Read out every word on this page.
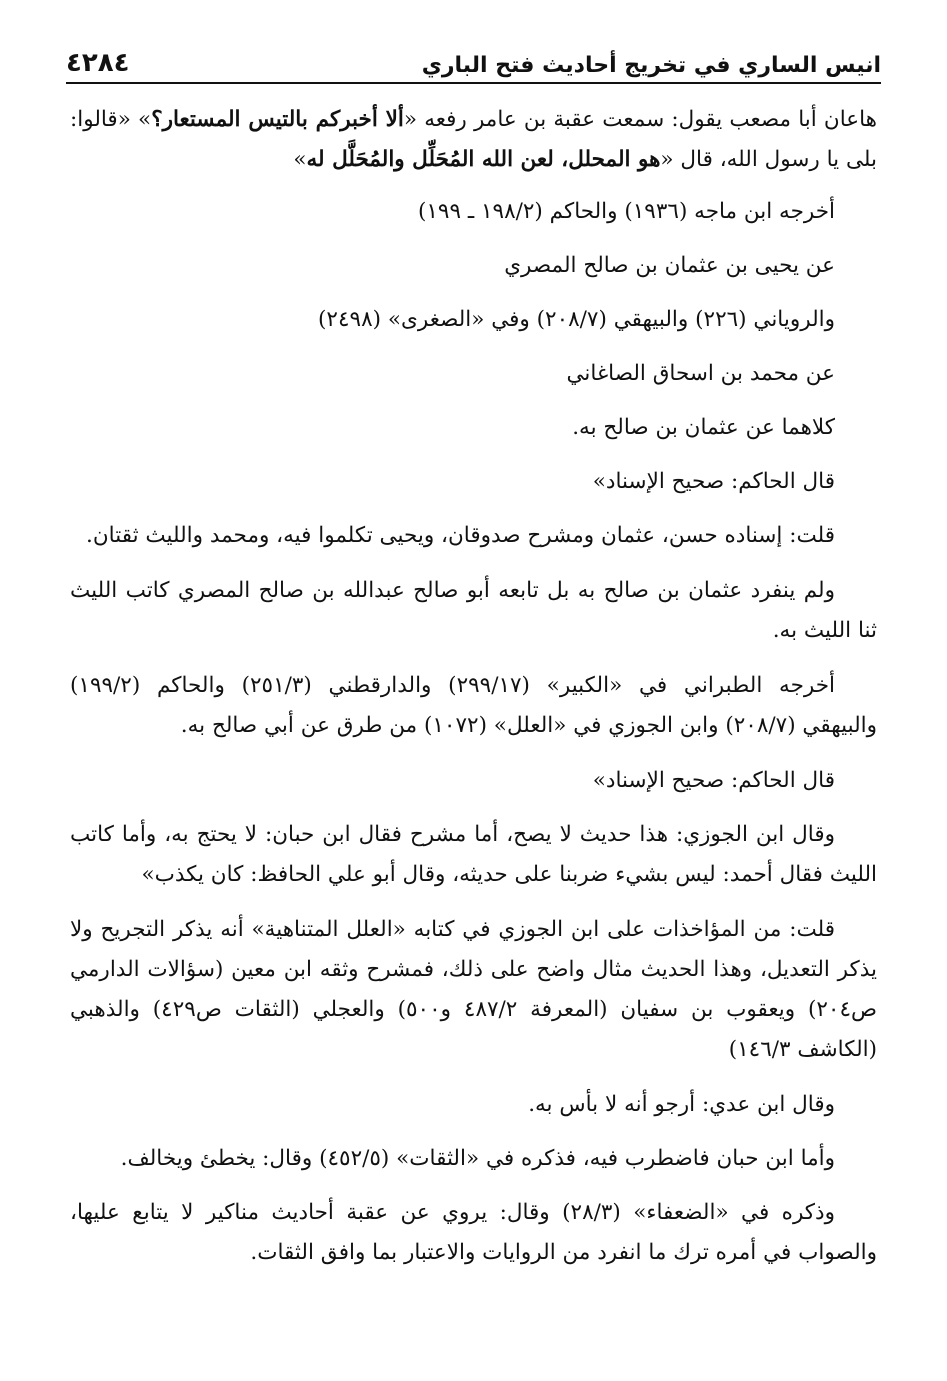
انيس الساري في تخريج أحاديث فتح الباري
٤٢٨٤

هاعان أبا مصعب يقول: سمعت عقبة بن عامر رفعه «ألا أخبركم بالتيس المستعار؟» «قالوا: بلى يا رسول الله، قال «هو المحلل، لعن الله المُحَلِّل والمُحَلَّل له»

أخرجه ابن ماجه (١٩٣٦) والحاكم (١٩٨/٢ ـ ١٩٩)

عن يحيى بن عثمان بن صالح المصري

والروياني (٢٢٦) والبيهقي (٢٠٨/٧) وفي «الصغرى» (٢٤٩٨)

عن محمد بن اسحاق الصاغاني

كلاهما عن عثمان بن صالح به.

قال الحاكم: صحيح الإسناد»

قلت: إسناده حسن، عثمان ومشرح صدوقان، ويحيى تكلموا فيه، ومحمد والليث ثقتان.

ولم ينفرد عثمان بن صالح به بل تابعه أبو صالح عبدالله بن صالح المصري كاتب الليث ثنا الليث به.

أخرجه الطبراني في «الكبير» (٢٩٩/١٧) والدارقطني (٢٥١/٣) والحاكم (١٩٩/٢) والبيهقي (٢٠٨/٧) وابن الجوزي في «العلل» (١٠٧٢) من طرق عن أبي صالح به.

قال الحاكم: صحيح الإسناد»

وقال ابن الجوزي: هذا حديث لا يصح، أما مشرح فقال ابن حبان: لا يحتج به، وأما كاتب الليث فقال أحمد: ليس بشيء ضربنا على حديثه، وقال أبو علي الحافظ: كان يكذب»

قلت: من المؤاخذات على ابن الجوزي في كتابه «العلل المتناهية» أنه يذكر التجريح ولا يذكر التعديل، وهذا الحديث مثال واضح على ذلك، فمشرح وثقه ابن معين (سؤالات الدارمي ص٢٠٤) ويعقوب بن سفيان (المعرفة ٤٨٧/٢ و٥٠٠) والعجلي (الثقات ص٤٢٩) والذهبي (الكاشف ١٤٦/٣)

وقال ابن عدي: أرجو أنه لا بأس به.

وأما ابن حبان فاضطرب فيه، فذكره في «الثقات» (٤٥٢/٥) وقال: يخطئ ويخالف.

وذكره في «الضعفاء» (٢٨/٣) وقال: يروي عن عقبة أحاديث مناكير لا يتابع عليها، والصواب في أمره ترك ما انفرد من الروايات والاعتبار بما وافق الثقات.
